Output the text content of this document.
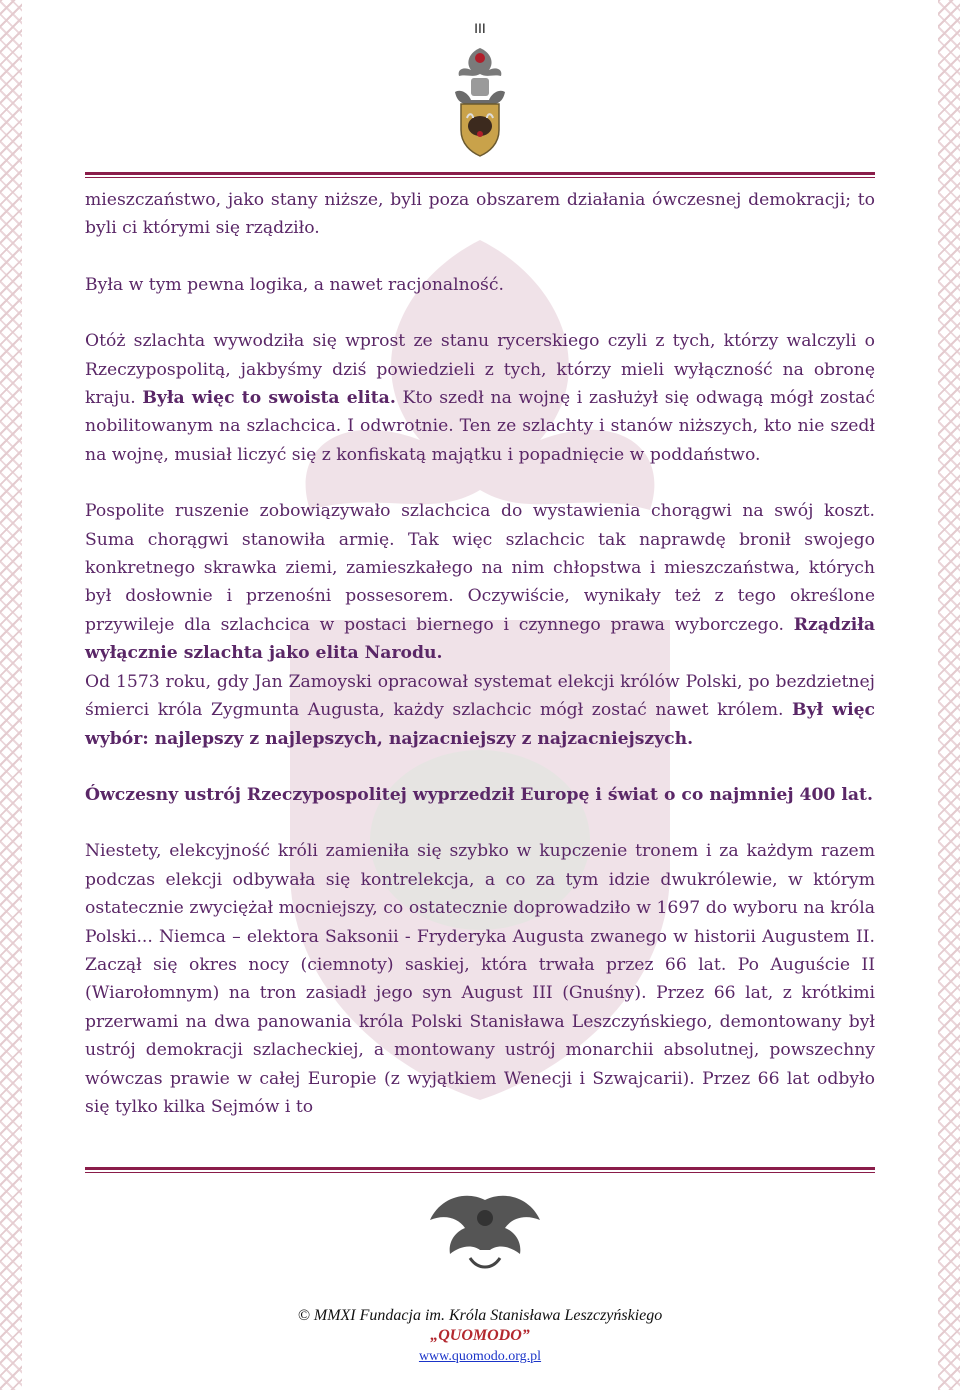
III

mieszczaństwo, jako stany niższe, byli poza obszarem działania ówczesnej demokracji; to byli ci którymi się rządziło.

Była w tym pewna logika, a nawet racjonalność.

Otóż szlachta wywodziła się wprost ze stanu rycerskiego czyli z tych, którzy walczyli o Rzeczypospolitą, jakbyśmy dziś powiedzieli z tych, którzy mieli wyłączność na obronę kraju. Była więc to swoista elita. Kto szedł na wojnę i zasłużył się odwagą mógł zostać nobilitowanym na szlachcica. I odwrotnie. Ten ze szlachty i stanów niższych, kto nie szedł na wojnę, musiał liczyć się z konfiskatą majątku i popadnięcie w poddaństwo.

Pospolite ruszenie zobowiązywało szlachcica do wystawienia chorągwi na swój koszt. Suma chorągwi stanowiła armię. Tak więc szlachcic tak naprawdę bronił swojego konkretnego skrawka ziemi, zamieszkałego na nim chłopstwa i mieszczaństwa, których był dosłownie i przenośni possesorem. Oczywiście, wynikały też z tego określone przywileje dla szlachcica w postaci biernego i czynnego prawa wyborczego. Rządziła wyłącznie szlachta jako elita Narodu.

Od 1573 roku, gdy Jan Zamoyski opracował systemat elekcji królów Polski, po bezdzietnej śmierci króla Zygmunta Augusta, każdy szlachcic mógł zostać nawet królem. Był więc wybór: najlepszy z najlepszych, najzacniejszy z najzacniejszych.

Ówczesny ustrój Rzeczypospolitej wyprzedził Europę i świat o co najmniej 400 lat.

Niestety, elekcyjność króli zamieniła się szybko w kupczenie tronem i za każdym razem podczas elekcji odbywała się kontrelekcja, a co za tym idzie dwukrólewie, w którym ostatecznie zwyciężał mocniejszy, co ostatecznie doprowadziło w 1697 do wyboru na króla Polski... Niemca – elektora Saksonii - Fryderyka Augusta zwanego w historii Augustem II. Zaczął się okres nocy (ciemnoty) saskiej, która trwała przez 66 lat. Po Auguście II (Wiarołomnym) na tron zasiadł jego syn August III (Gnuśny). Przez 66 lat, z krótkimi przerwami na dwa panowania króla Polski Stanisława Leszczyńskiego, demontowany był ustrój demokracji szlacheckiej, a montowany ustrój monarchii absolutnej, powszechny wówczas prawie w całej Europie (z wyjątkiem Wenecji i Szwajcarii). Przez 66 lat odbyło się tylko kilka Sejmów i to

© MMXI Fundacja im. Króla Stanisława Leszczyńskiego
„QUOMODO”
www.quomodo.org.pl
